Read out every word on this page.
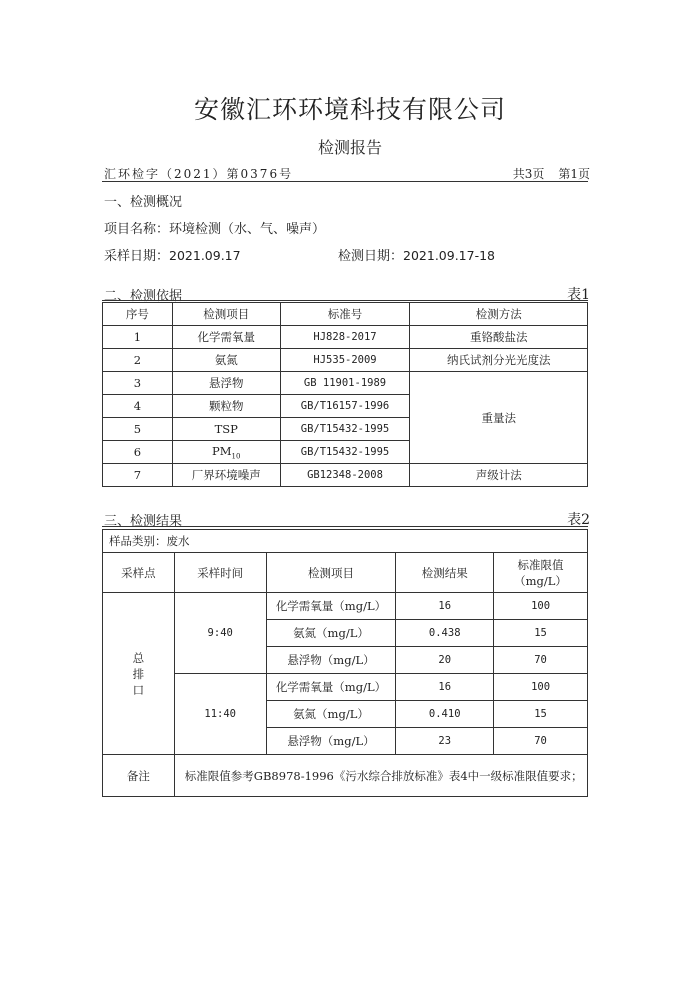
安徽汇环环境科技有限公司
检测报告
汇环检字（2021）第0376号	共3页 第1页
一、检测概况
项目名称：环境检测（水、气、噪声）
采样日期：2021.09.17	检测日期：2021.09.17-18
二、检测依据	表1
序号	检测项目	标准号	检测方法
1	化学需氧量	HJ828-2017	重铬酸盐法
2	氨氮	HJ535-2009	纳氏试剂分光光度法
3	悬浮物	GB 11901-1989	重量法
4	颗粒物	GB/T16157-1996	
5	TSP	GB/T15432-1995	
6	$PM_{10}$	GB/T15432-1995	
7	厂界环境噪声	GB12348-2008	声级计法
三、检测结果	表2
样品类别：废水				
采样点	采样时间	检测项目	检测结果	标准限值
（mg/L）

总
排
口	9:40	化学需氧量（mg/L）	16	100
		氨氮（mg/L）	0.438	15
		悬浮物（mg/L）	20	70
	11:40	化学需氧量（mg/L）	16	100
		氨氮（mg/L）	0.410	15
		悬浮物（mg/L）	23	70
备注	标准限值参考GB8978-1996《污水综合排放标准》表4中一级标准限值要求；			
